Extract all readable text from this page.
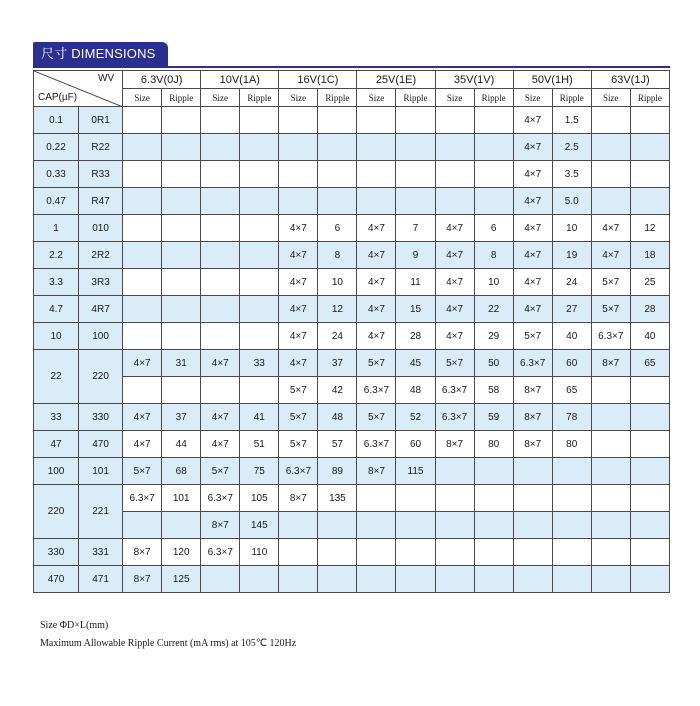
尺寸 DIMENSIONS
WV
CAP(µF)		6.3V(0J)		10V(1A)		16V(1C)		25V(1E)		35V(1V)		50V(1H)		63V(1J)	
		Size	Ripple	Size	Ripple	Size	Ripple	Size	Ripple	Size	Ripple	Size	Ripple	Size	Ripple
0.1	0R1											4×7	1.5		
0.22	R22											4×7	2.5		
0.33	R33											4×7	3.5		
0.47	R47											4×7	5.0		
1	010					4×7	6	4×7	7	4×7	6	4×7	10	4×7	12
2.2	2R2					4×7	8	4×7	9	4×7	8	4×7	19	4×7	18
3.3	3R3					4×7	10	4×7	11	4×7	10	4×7	24	5×7	25
4.7	4R7					4×7	12	4×7	15	4×7	22	4×7	27	5×7	28
10	100					4×7	24	4×7	28	4×7	29	5×7	40	6.3×7	40
22	220	4×7	31	4×7	33	4×7	37	5×7	45	5×7	50	6.3×7	60	8×7	65
						5×7	42	6.3×7	48	6.3×7	58	8×7	65		
33	330	4×7	37	4×7	41	5×7	48	5×7	52	6.3×7	59	8×7	78		
47	470	4×7	44	4×7	51	5×7	57	6.3×7	60	8×7	80	8×7	80		
100	101	5×7	68	5×7	75	6.3×7	89	8×7	115						
220	221	6.3×7	101	6.3×7	105	8×7	135								
				8×7	145										
330	331	8×7	120	6.3×7	110										
470	471	8×7	125												
Size ΦD×L(mm)
Maximum Allowable Ripple Current (mA rms) at 105℃ 120Hz
